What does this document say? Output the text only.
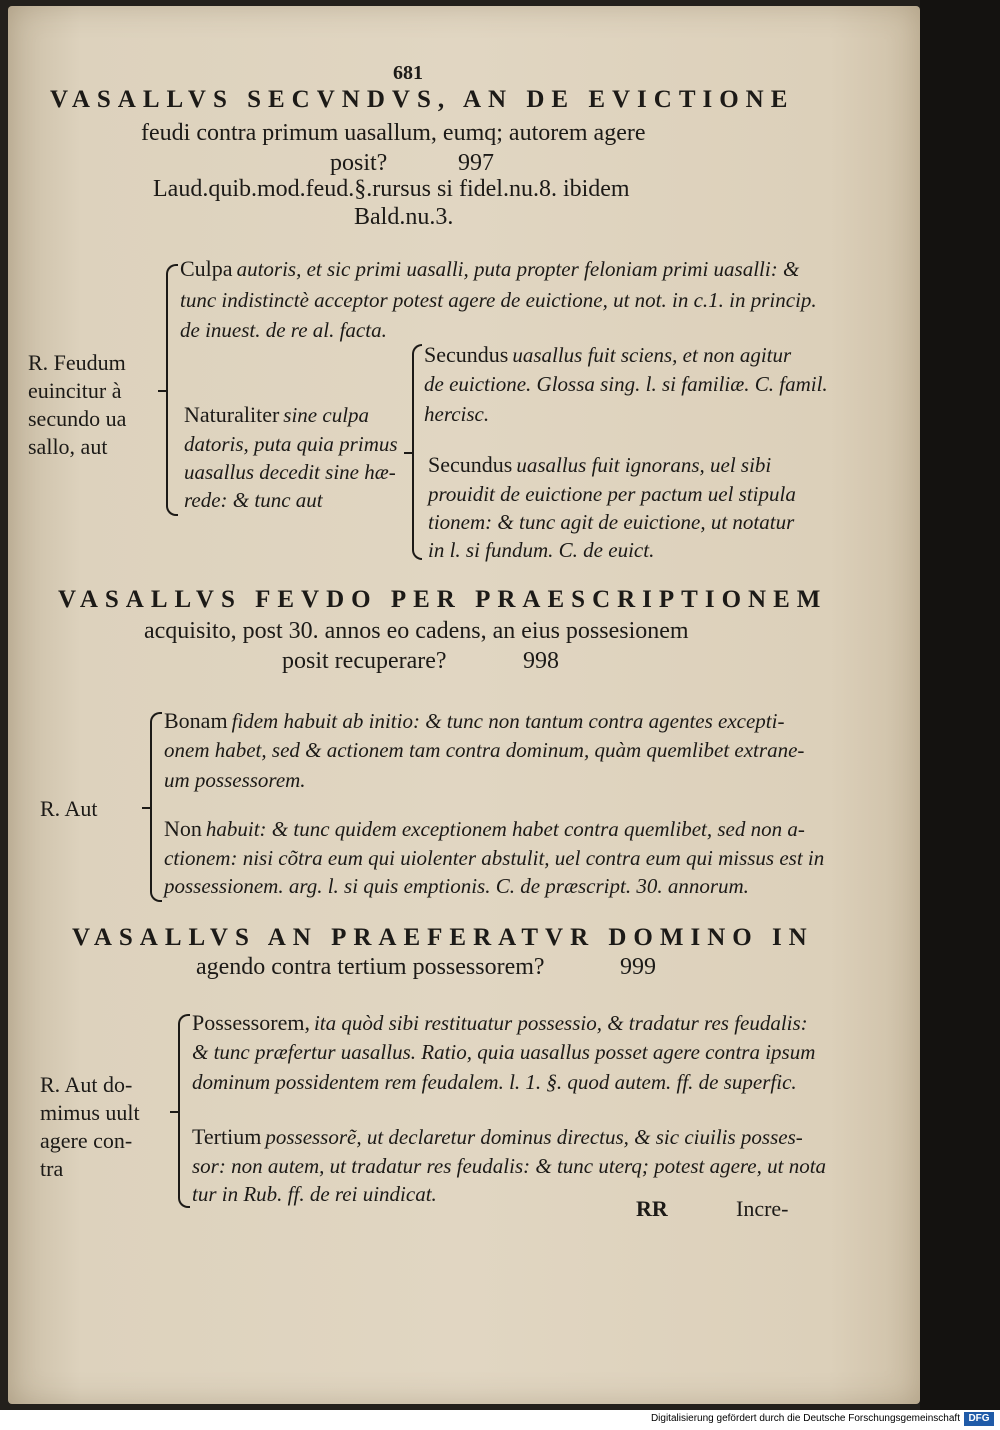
681
VASALLVS SECVNDVS, AN DE EVICTIONE
feudi contra primum uasallum, eumq; autorem agere
posit?	997
Laud.quib.mod.feud.§.rursus si fidel.nu.8. ibidem
Bald.nu.3.
R. Feudum
euincitur à
secundo ua
sallo, aut
Culpa autoris, et sic primi uasalli, puta propter feloniam primi uasalli: &
tunc indistinctè acceptor potest agere de euictione, ut not. in c.1. in princip.
de inuest. de re al. facta.
Naturaliter sine culpa
datoris, puta quia primus
uasallus decedit sine hæ-
rede: & tunc aut
Secundus uasallus fuit sciens, et non agitur
de euictione. Glossa sing. l. si familiæ. C. famil.
hercisc.
Secundus uasallus fuit ignorans, uel sibi
prouidit de euictione per pactum uel stipula
tionem: & tunc agit de euictione, ut notatur
in l. si fundum. C. de euict.
VASALLVS FEVDO PER PRAESCRIPTIONEM
acquisito, post 30. annos eo cadens, an eius possesionem
posit recuperare?	998
R. Aut
Bonam fidem habuit ab initio: & tunc non tantum contra agentes excepti-
onem habet, sed & actionem tam contra dominum, quàm quemlibet extrane-
um possessorem.
Non habuit: & tunc quidem exceptionem habet contra quemlibet, sed non a-
ctionem: nisi cõtra eum qui uiolenter abstulit, uel contra eum qui missus est in
possessionem. arg. l. si quis emptionis. C. de præscript. 30. annorum.
VASALLVS AN PRAEFERATVR DOMINO IN
agendo contra tertium possessorem?	999
R. Aut do-
mimus uult
agere con-
tra
Possessorem, ita quòd sibi restituatur possessio, & tradatur res feudalis:
& tunc præfertur uasallus. Ratio, quia uasallus posset agere contra ipsum
dominum possidentem rem feudalem. l. 1. §. quod autem. ff. de superfic.
Tertium possessorẽ, ut declaretur dominus directus, & sic ciuilis posses-
sor: non autem, ut tradatur res feudalis: & tunc uterq; potest agere, ut nota
tur in Rub. ff. de rei uindicat.
RR	Incre-
Digitalisierung gefördert durch die Deutsche Forschungsgemeinschaft DFG
